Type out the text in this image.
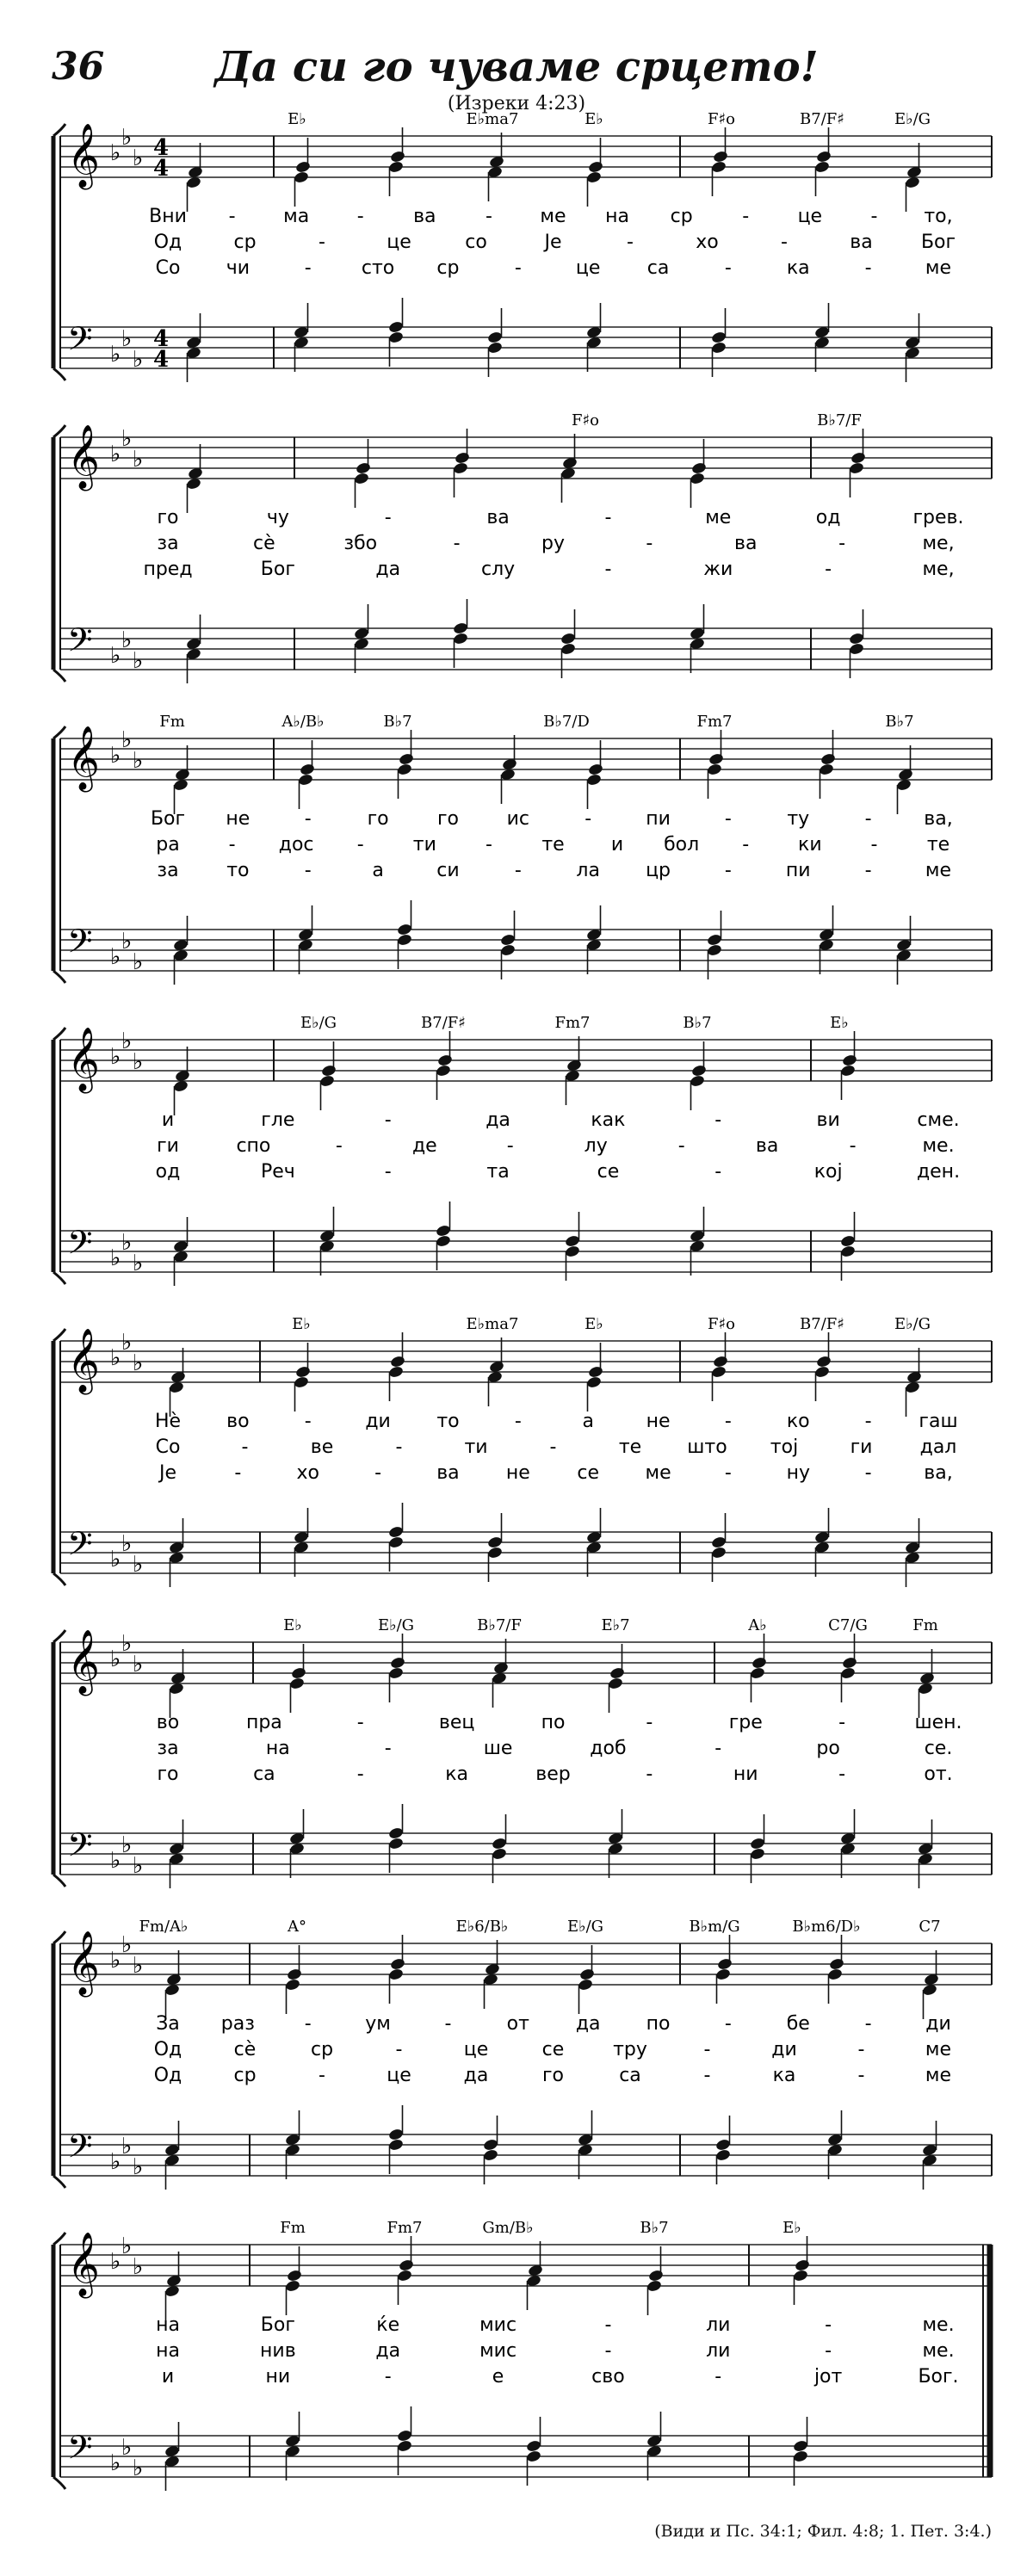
36	Да си го чуваме срцето!
(Изреки 4:23)
𝄞
𝄢
♭
♭
♭
♭
♭
♭
4
4
4
4
E♭	E♭ma7	E♭	F♯o	B7/F♯	E♭/G
Вни -	ма	-	ва	-	ме на ср	-	це	- то,
Од	ср	-	це	со	Је	-	хо	-	ва	Бог
Со чи	-	сто ср	-	це са	-	ка	-	ме
𝄞
𝄢
♭
♭
♭
♭
♭
♭
F♯o	B♭7/F
го	чу	-	ва	-	ме	од	грев.
за	сѐ	збо	-	ру	-	ва	-	ме,
пред	Бог	да	слу	-	жи	-	ме,
𝄞
𝄢
♭
♭
♭
♭
♭
♭
Fm	A♭/B♭	B♭7	B♭7/D	Fm7	B♭7
Бог не	-	го	го	ис	-	пи	-	ту	-	ва,
ра	- дос -	ти	-	те и бол -	ки	-	те
за	то	-	а	си	-	ла цр	-	пи	-	ме
𝄞
𝄢
♭
♭
♭
♭
♭
♭
E♭/G	B7/F♯	Fm7	B♭7	E♭
и	гле	-	да	как	-	ви	сме.
ги	спо	-	де	-	лу	-	ва	-	ме.
од	Реч	-	та	се	-	кој	ден.
𝄞
𝄢
♭
♭
♭
♭
♭
♭
E♭	E♭ma7	E♭	F♯o	B7/F♯	E♭/G
Нѐ во	-	ди то	-	а	не	-	ко	- гаш
Со	-	ве	-	ти	-	те што тој	ги	дал
Је	-	хо	-	ва не се ме	-	ну	-	ва,
𝄞
𝄢
♭
♭
♭
♭
♭
♭
E♭	E♭/G	B♭7/F	E♭7	A♭	C7/G	Fm
во	пра	-	вец	по	-	гре	-	шен.
за	на	-	ше	доб	-	ро	се.
го	са	-	ка	вер	-	ни	-	от.
𝄞
𝄢
♭
♭
♭
♭
♭
♭
Fm/A♭	A°	E♭6/B♭	E♭/G	B♭m/G	B♭m6/D♭	C7
За раз	-	ум	-	от да по	-	бе	-	ди
Од	сѐ	ср	-	це	се	тру	-	ди	-	ме
Од	ср	-	це	да	го	са	-	ка	-	ме
𝄞
𝄢
♭
♭
♭
♭
♭
♭
Fm	Fm7	Gm/B♭	B♭7	E♭
на	Бог	ќе	мис	-	ли	-	ме.
на	нив	да	мис	-	ли	-	ме.
и	ни	-	е	сво	-	јот	Бог.
(Види и Пс. 34:1; Фил. 4:8; 1. Пет. 3:4.)
